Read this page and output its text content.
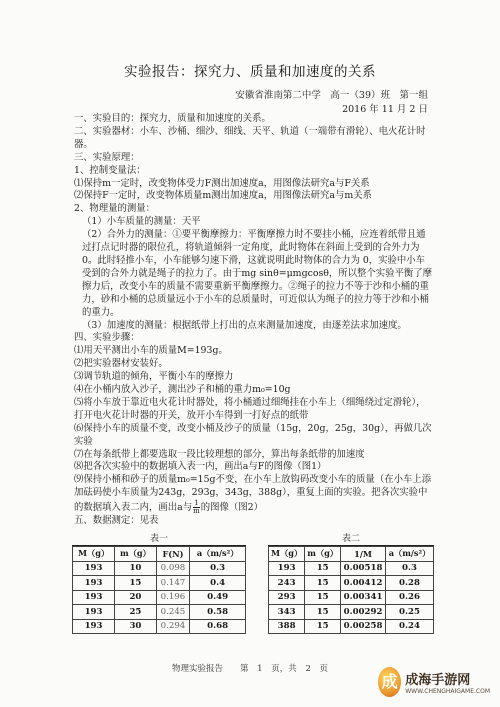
实验报告：探究力、质量和加速度的关系
安徽省淮南第二中学　高一（39）班　第一组
2016 年 11 月 2 日

一、实验目的：探究力，质量和加速度的关系。

二、实验器材：小车、沙桶、细沙、细线、天平、轨道（一端带有滑轮）、电火花计时器。

三、实验原理：

1、控制变量法：

⑴保持m一定时，改变物体受力F测出加速度a，用图像法研究a与F关系

⑵保持F一定时，改变物体质量m测出加速度a，用图像法研究a与m关系

2、物理量的测量：

（1）小车质量的测量：天平

（2）合外力的测量：①要平衡摩擦力：平衡摩擦力时不要挂小桶，应连着纸带且通过打点记时器的限位孔，将轨道倾斜一定角度，此时物体在斜面上受到的合外力为 0。此时轻推小车，小车能够匀速下滑，这就说明此时物体的合力为 0，实验中小车受到的合外力就是绳子的拉力了。由于mg sinθ=μmgcosθ，所以整个实验平衡了摩擦力后，改变小车的质量不需要重新平衡摩擦力。②绳子的拉力不等于沙和小桶的重力，砂和小桶的总质量远小于小车的总质量时，可近似认为绳子的拉力等于沙和小桶的重力。

（3）加速度的测量：根据纸带上打出的点来测量加速度，由逐差法求加速度。

四、实验步骤：

⑴用天平测出小车的质量M=193g。

⑵把实验器材安装好。

⑶调节轨道的倾角，平衡小车的摩擦力

⑷在小桶内放入沙子，测出沙子和桶的重力m₀=10g

⑸将小车放于靠近电火花计时器处，将小桶通过细绳挂在小车上（细绳绕过定滑轮），打开电火花计时器的开关，放开小车得到一打好点的纸带

⑹保持小车的质量不变，改变小桶及沙子的质量（15g，20g，25g，30g），再做几次实验

⑺在每条纸带上都要选取一段比较理想的部分，算出每条纸带的加速度

⑻把各次实验中的数据填入表一内，画出a与F的图像（图1）

⑼保持小桶和砂子的质量m₀=15g不变，在小车上放钩码改变小车的质量（在小车上添加砝码使小车质量为243g，293g，343g，388g），重复上面的实验。把各次实验中的数据填入表二内，画出a与 $\frac{1}{m}$ 的图像（图2）

五、数据测定：见表

表一
M（g）	m（g）	F(N)	a（m/s²）
193	10	0.098	0.3
193	15	0.147	0.4
193	20	0.196	0.49
193	25	0.245	0.58
193	30	0.294	0.68
表二
M（g）	m（g）	1/M	a（m/s²）
193	15	0.00518	0.3
243	15	0.00412	0.28
293	15	0.00341	0.26
343	15	0.00292	0.25
388	15	0.00258	0.24
物理实验报告　　第 1 页，共 2 页
成 成海手游网
WWW.CHENGHAIGAME.COM
